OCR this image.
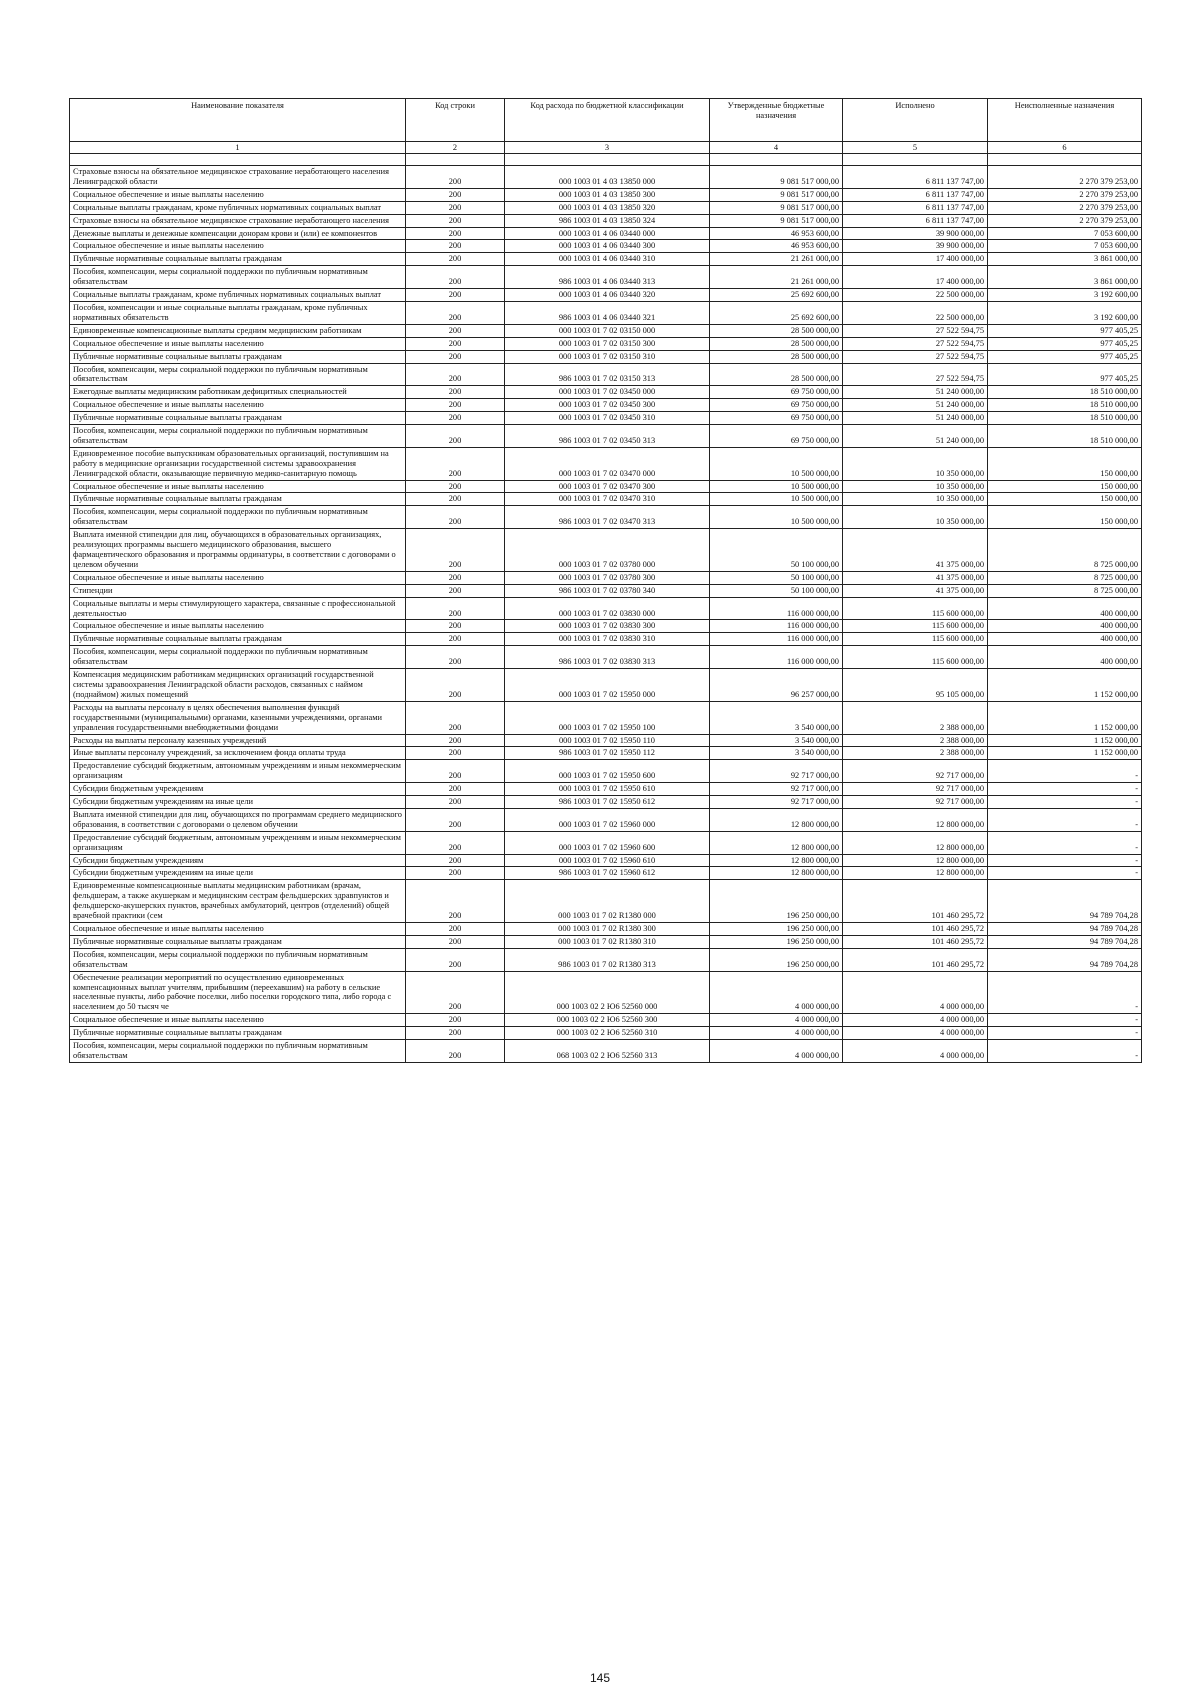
Наименование показателя	Код строки	Код расхода по бюджетной классификации	Утвержденные бюджетные назначения	Исполнено	Неисполненные назначения
1	2	3	4	5	6

Страховые взносы на обязательное медицинское страхование неработающего населения Ленинградской области	200	000 1003 01 4 03 13850 000	9 081 517 000,00	6 811 137 747,00	2 270 379 253,00
Социальное обеспечение и иные выплаты населению	200	000 1003 01 4 03 13850 300	9 081 517 000,00	6 811 137 747,00	2 270 379 253,00
Социальные выплаты гражданам, кроме публичных нормативных социальных выплат	200	000 1003 01 4 03 13850 320	9 081 517 000,00	6 811 137 747,00	2 270 379 253,00
Страховые взносы на обязательное медицинское страхование неработающего населения	200	986 1003 01 4 03 13850 324	9 081 517 000,00	6 811 137 747,00	2 270 379 253,00
Денежные выплаты и денежные компенсации донорам крови и (или) ее компонентов	200	000 1003 01 4 06 03440 000	46 953 600,00	39 900 000,00	7 053 600,00
Социальное обеспечение и иные выплаты населению	200	000 1003 01 4 06 03440 300	46 953 600,00	39 900 000,00	7 053 600,00
Публичные нормативные социальные выплаты гражданам	200	000 1003 01 4 06 03440 310	21 261 000,00	17 400 000,00	3 861 000,00
Пособия, компенсации, меры социальной поддержки по публичным нормативным обязательствам	200	986 1003 01 4 06 03440 313	21 261 000,00	17 400 000,00	3 861 000,00
Социальные выплаты гражданам, кроме публичных нормативных социальных выплат	200	000 1003 01 4 06 03440 320	25 692 600,00	22 500 000,00	3 192 600,00
Пособия, компенсации и иные социальные выплаты гражданам, кроме публичных нормативных обязательств	200	986 1003 01 4 06 03440 321	25 692 600,00	22 500 000,00	3 192 600,00
Единовременные компенсационные выплаты средним медицинским работникам	200	000 1003 01 7 02 03150 000	28 500 000,00	27 522 594,75	977 405,25
Социальное обеспечение и иные выплаты населению	200	000 1003 01 7 02 03150 300	28 500 000,00	27 522 594,75	977 405,25
Публичные нормативные социальные выплаты гражданам	200	000 1003 01 7 02 03150 310	28 500 000,00	27 522 594,75	977 405,25
Пособия, компенсации, меры социальной поддержки по публичным нормативным обязательствам	200	986 1003 01 7 02 03150 313	28 500 000,00	27 522 594,75	977 405,25
Ежегодные выплаты медицинским работникам дефицитных специальностей	200	000 1003 01 7 02 03450 000	69 750 000,00	51 240 000,00	18 510 000,00
Социальное обеспечение и иные выплаты населению	200	000 1003 01 7 02 03450 300	69 750 000,00	51 240 000,00	18 510 000,00
Публичные нормативные социальные выплаты гражданам	200	000 1003 01 7 02 03450 310	69 750 000,00	51 240 000,00	18 510 000,00
Пособия, компенсации, меры социальной поддержки по публичным нормативным обязательствам	200	986 1003 01 7 02 03450 313	69 750 000,00	51 240 000,00	18 510 000,00
Единовременное пособие выпускникам образовательных организаций, поступившим на работу в медицинские организации государственной системы здравоохранения Ленинградской области, оказывающие первичную медико-санитарную помощь	200	000 1003 01 7 02 03470 000	10 500 000,00	10 350 000,00	150 000,00
Социальное обеспечение и иные выплаты населению	200	000 1003 01 7 02 03470 300	10 500 000,00	10 350 000,00	150 000,00
Публичные нормативные социальные выплаты гражданам	200	000 1003 01 7 02 03470 310	10 500 000,00	10 350 000,00	150 000,00
Пособия, компенсации, меры социальной поддержки по публичным нормативным обязательствам	200	986 1003 01 7 02 03470 313	10 500 000,00	10 350 000,00	150 000,00
Выплата именной стипендии для лиц, обучающихся в образовательных организациях, реализующих программы высшего медицинского образования, высшего фармацевтического образования и программы ординатуры, в соответствии с договорами о целевом обучении	200	000 1003 01 7 02 03780 000	50 100 000,00	41 375 000,00	8 725 000,00
Социальное обеспечение и иные выплаты населению	200	000 1003 01 7 02 03780 300	50 100 000,00	41 375 000,00	8 725 000,00
Стипендии	200	986 1003 01 7 02 03780 340	50 100 000,00	41 375 000,00	8 725 000,00
Социальные выплаты и меры стимулирующего характера, связанные с профессиональной деятельностью	200	000 1003 01 7 02 03830 000	116 000 000,00	115 600 000,00	400 000,00
Социальное обеспечение и иные выплаты населению	200	000 1003 01 7 02 03830 300	116 000 000,00	115 600 000,00	400 000,00
Публичные нормативные социальные выплаты гражданам	200	000 1003 01 7 02 03830 310	116 000 000,00	115 600 000,00	400 000,00
Пособия, компенсации, меры социальной поддержки по публичным нормативным обязательствам	200	986 1003 01 7 02 03830 313	116 000 000,00	115 600 000,00	400 000,00
Компенсация медицинским работникам медицинских организаций государственной системы здравоохранения Ленинградской области расходов, связанных с наймом (поднаймом) жилых помещений	200	000 1003 01 7 02 15950 000	96 257 000,00	95 105 000,00	1 152 000,00
Расходы на выплаты персоналу в целях обеспечения выполнения функций государственными (муниципальными) органами, казенными учреждениями, органами управления государственными внебюджетными фондами	200	000 1003 01 7 02 15950 100	3 540 000,00	2 388 000,00	1 152 000,00
Расходы на выплаты персоналу казенных учреждений	200	000 1003 01 7 02 15950 110	3 540 000,00	2 388 000,00	1 152 000,00
Иные выплаты персоналу учреждений, за исключением фонда оплаты труда	200	986 1003 01 7 02 15950 112	3 540 000,00	2 388 000,00	1 152 000,00
Предоставление субсидий бюджетным, автономным учреждениям и иным некоммерческим организациям	200	000 1003 01 7 02 15950 600	92 717 000,00	92 717 000,00	-
Субсидии бюджетным учреждениям	200	000 1003 01 7 02 15950 610	92 717 000,00	92 717 000,00	-
Субсидии бюджетным учреждениям на иные цели	200	986 1003 01 7 02 15950 612	92 717 000,00	92 717 000,00	-
Выплата именной стипендии для лиц, обучающихся по программам среднего медицинского образования, в соответствии с договорами о целевом обучении	200	000 1003 01 7 02 15960 000	12 800 000,00	12 800 000,00	-
Предоставление субсидий бюджетным, автономным учреждениям и иным некоммерческим организациям	200	000 1003 01 7 02 15960 600	12 800 000,00	12 800 000,00	-
Субсидии бюджетным учреждениям	200	000 1003 01 7 02 15960 610	12 800 000,00	12 800 000,00	-
Субсидии бюджетным учреждениям на иные цели	200	986 1003 01 7 02 15960 612	12 800 000,00	12 800 000,00	-
Единовременные компенсационные выплаты медицинским работникам (врачам, фельдшерам, а также акушеркам и медицинским сестрам фельдшерских здравпунктов и фельдшерско-акушерских пунктов, врачебных амбулаторий, центров (отделений) общей врачебной практики (сем	200	000 1003 01 7 02 R1380 000	196 250 000,00	101 460 295,72	94 789 704,28
Социальное обеспечение и иные выплаты населению	200	000 1003 01 7 02 R1380 300	196 250 000,00	101 460 295,72	94 789 704,28
Публичные нормативные социальные выплаты гражданам	200	000 1003 01 7 02 R1380 310	196 250 000,00	101 460 295,72	94 789 704,28
Пособия, компенсации, меры социальной поддержки по публичным нормативным обязательствам	200	986 1003 01 7 02 R1380 313	196 250 000,00	101 460 295,72	94 789 704,28
Обеспечение реализации мероприятий по осуществлению единовременных компенсационных выплат учителям, прибывшим (переехавшим) на работу в сельские населенные пункты, либо рабочие поселки, либо поселки городского типа, либо города с населением до 50 тысяч че	200	000 1003 02 2 Ю6 52560 000	4 000 000,00	4 000 000,00	-
Социальное обеспечение и иные выплаты населению	200	000 1003 02 2 Ю6 52560 300	4 000 000,00	4 000 000,00	-
Публичные нормативные социальные выплаты гражданам	200	000 1003 02 2 Ю6 52560 310	4 000 000,00	4 000 000,00	-
Пособия, компенсации, меры социальной поддержки по публичным нормативным обязательствам	200	068 1003 02 2 Ю6 52560 313	4 000 000,00	4 000 000,00	-
145
